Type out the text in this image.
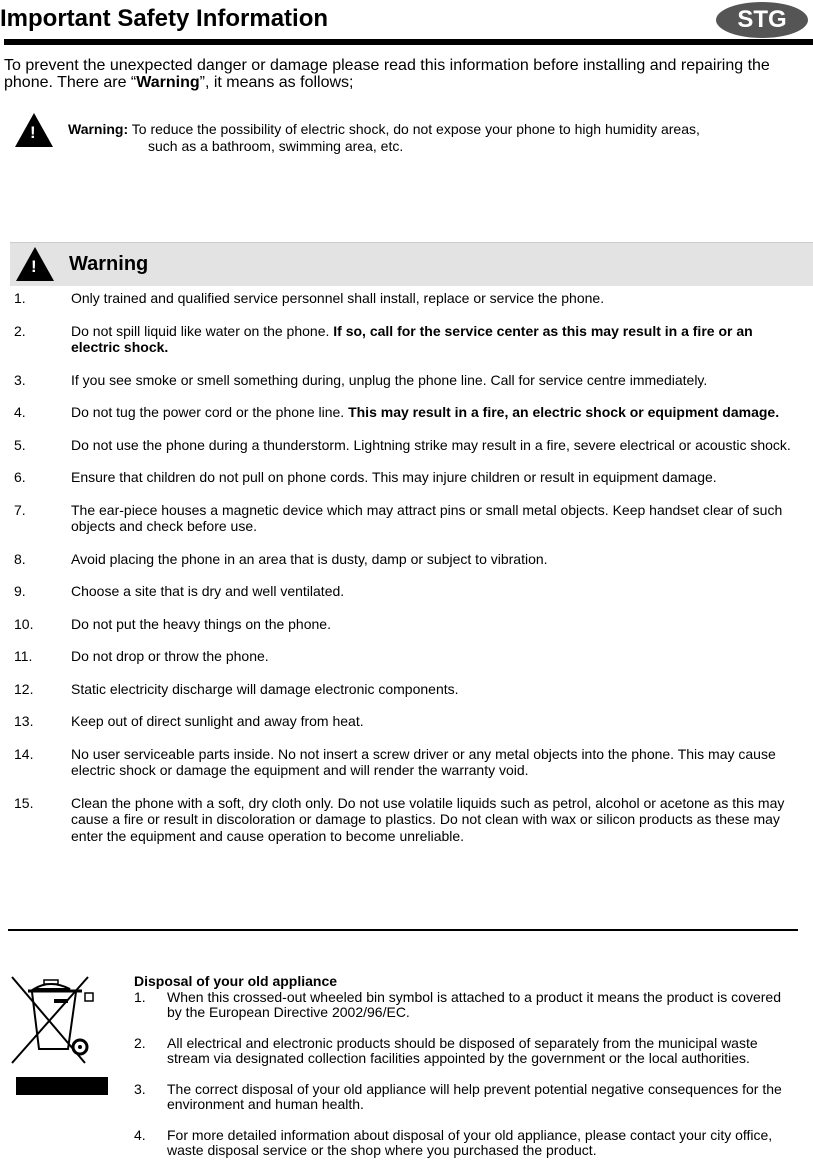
Important Safety Information	STG
To prevent the unexpected danger or damage please read this information before installing and repairing the phone. There are “Warning”, it means as follows;
! Warning: To reduce the possibility of electric shock, do not expose your phone to high humidity areas,
such as a bathroom, swimming area, etc.
! Warning
1.	Only trained and qualified service personnel shall install, replace or service the phone.
2.	Do not spill liquid like water on the phone. If so, call for the service center as this may result in a fire or an electric shock.
3.	If you see smoke or smell something during, unplug the phone line. Call for service centre immediately.
4.	Do not tug the power cord or the phone line. This may result in a fire, an electric shock or equipment damage.
5.	Do not use the phone during a thunderstorm. Lightning strike may result in a fire, severe electrical or acoustic shock.
6.	Ensure that children do not pull on phone cords. This may injure children or result in equipment damage.
7.	The ear-piece houses a magnetic device which may attract pins or small metal objects. Keep handset clear of such objects and check before use.
8.	Avoid placing the phone in an area that is dusty, damp or subject to vibration.
9.	Choose a site that is dry and well ventilated.
10.	Do not put the heavy things on the phone.
11.	Do not drop or throw the phone.
12.	Static electricity discharge will damage electronic components.
13.	Keep out of direct sunlight and away from heat.
14.	No user serviceable parts inside. No not insert a screw driver or any metal objects into the phone. This may cause electric shock or damage the equipment and will render the warranty void.
15.	Clean the phone with a soft, dry cloth only. Do not use volatile liquids such as petrol, alcohol or acetone as this may cause a fire or result in discoloration or damage to plastics. Do not clean with wax or silicon products as these may enter the equipment and cause operation to become unreliable.
Disposal of your old appliance
1.	When this crossed-out wheeled bin symbol is attached to a product it means the product is covered by the European Directive 2002/96/EC.
2.	All electrical and electronic products should be disposed of separately from the municipal waste stream via designated collection facilities appointed by the government or the local authorities.
3.	The correct disposal of your old appliance will help prevent potential negative consequences for the environment and human health.
4.	For more detailed information about disposal of your old appliance, please contact your city office, waste disposal service or the shop where you purchased the product.
